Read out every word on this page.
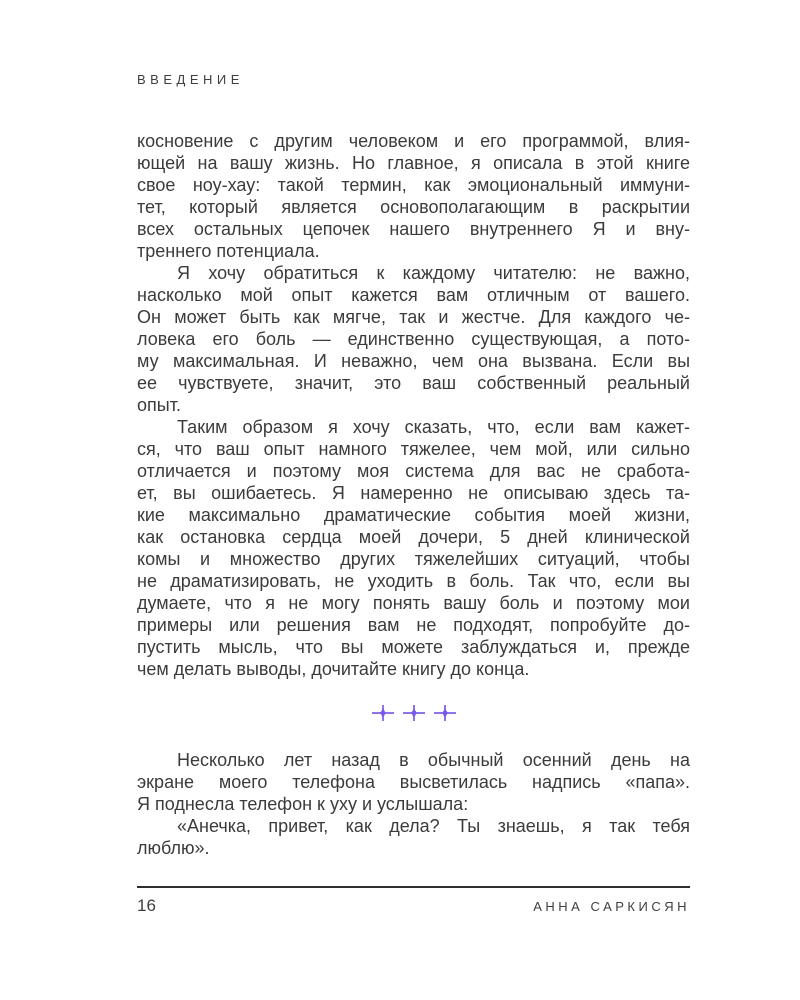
ВВЕДЕНИЕ
косновение с другим человеком и его программой, влия-
ющей на вашу жизнь. Но главное, я описала в этой книге
свое ноу-хау: такой термин, как эмоциональный иммуни-
тет, который является основополагающим в раскрытии
всех остальных цепочек нашего внутреннего Я и вну-
треннего потенциала.
Я хочу обратиться к каждому читателю: не важно,
насколько мой опыт кажется вам отличным от вашего.
Он может быть как мягче, так и жестче. Для каждого че-
ловека его боль — единственно существующая, а пото-
му максимальная. И неважно, чем она вызвана. Если вы
ее чувствуете, значит, это ваш собственный реальный
опыт.
Таким образом я хочу сказать, что, если вам кажет-
ся, что ваш опыт намного тяжелее, чем мой, или сильно
отличается и поэтому моя система для вас не сработа-
ет, вы ошибаетесь. Я намеренно не описываю здесь та-
кие максимально драматические события моей жизни,
как остановка сердца моей дочери, 5 дней клинической
комы и множество других тяжелейших ситуаций, чтобы
не драматизировать, не уходить в боль. Так что, если вы
думаете, что я не могу понять вашу боль и поэтому мои
примеры или решения вам не подходят, попробуйте до-
пустить мысль, что вы можете заблуждаться и, прежде
чем делать выводы, дочитайте книгу до конца.
Несколько лет назад в обычный осенний день на
экране моего телефона высветилась надпись «папа».
Я поднесла телефон к уху и услышала:
«Анечка, привет, как дела? Ты знаешь, я так тебя
люблю».
16	АННА САРКИСЯН
